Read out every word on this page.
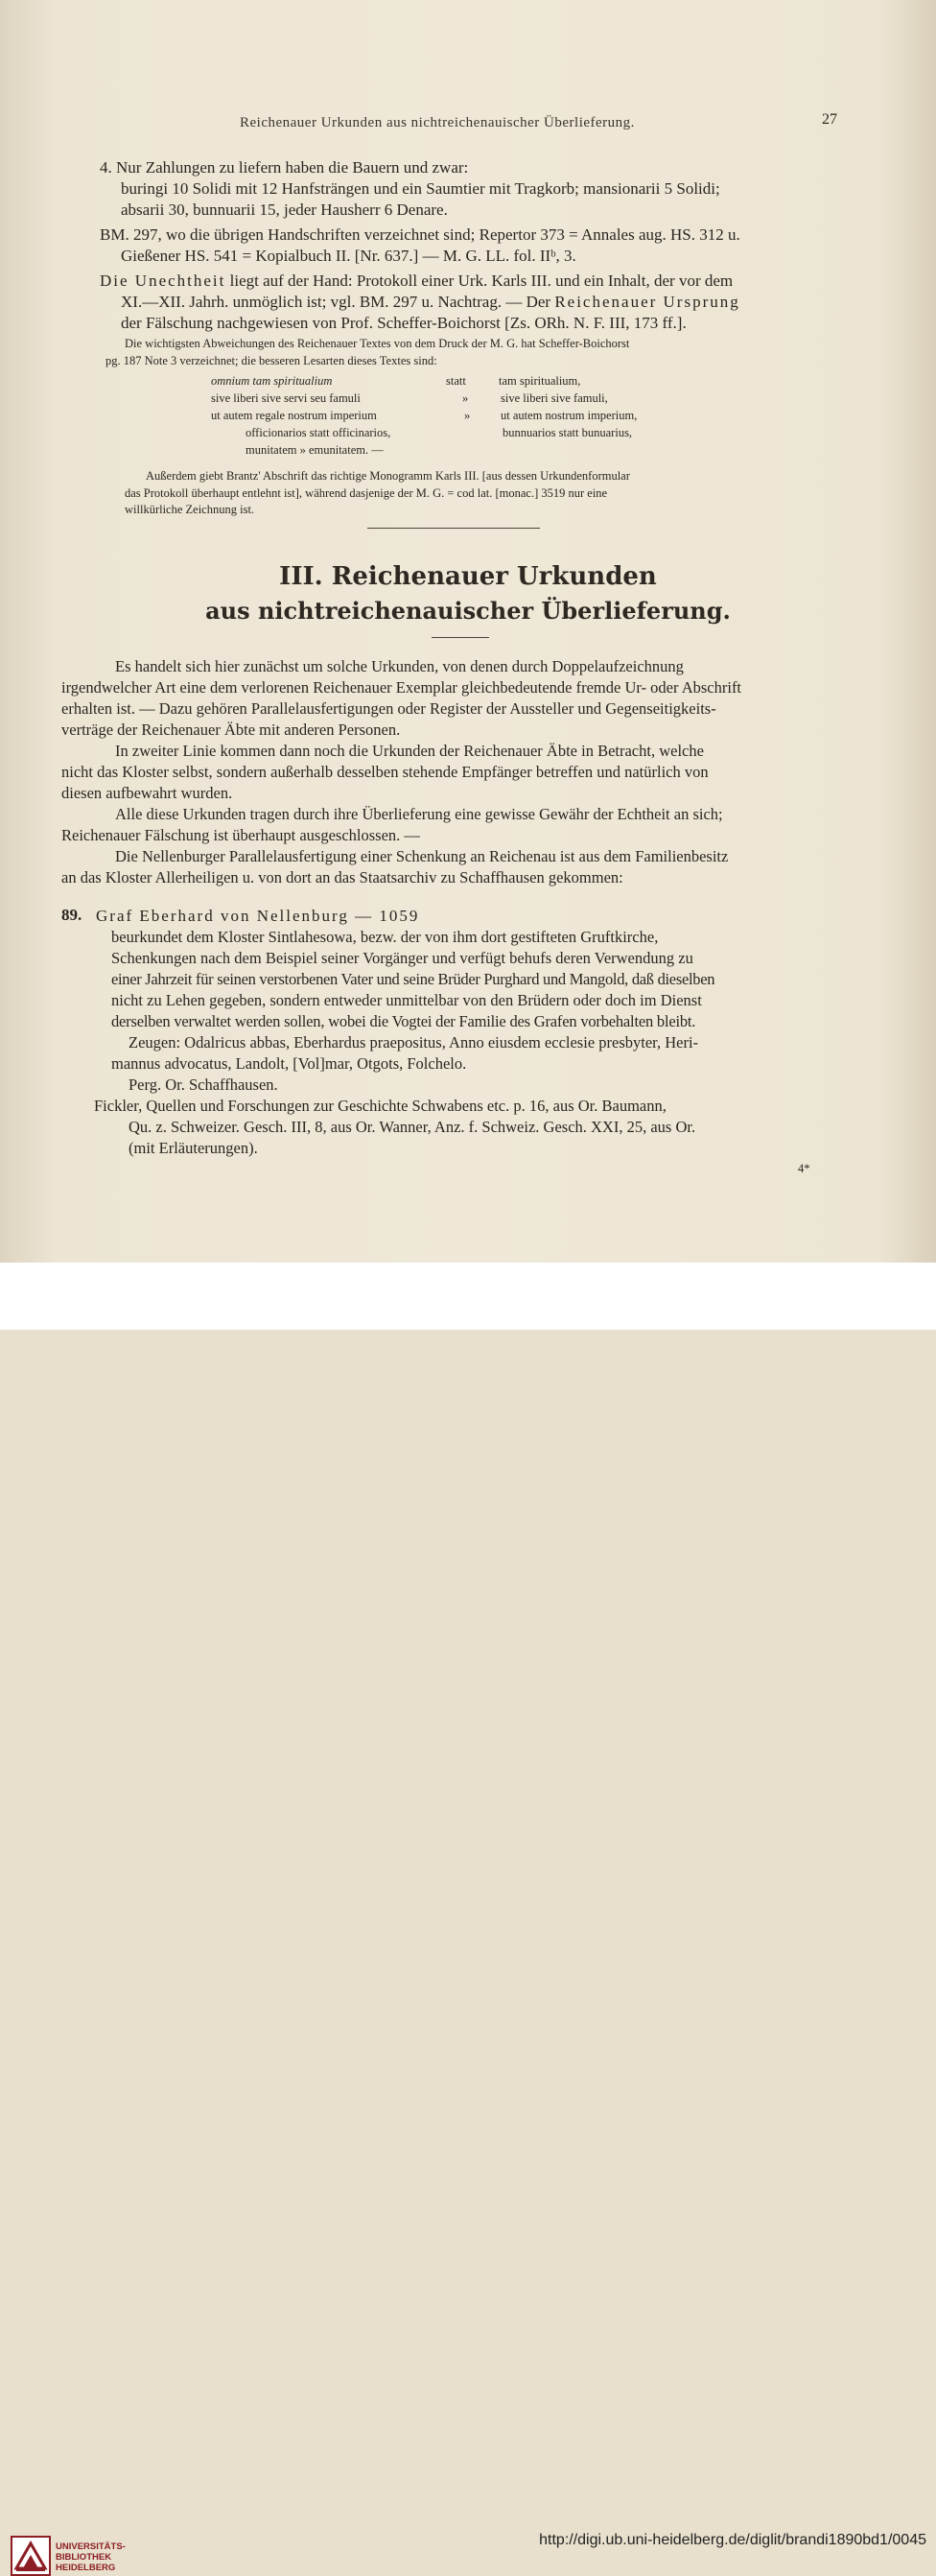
Reichenauer Urkunden aus nichtreichenauischer Überlieferung.	27
4. Nur Zahlungen zu liefern haben die Bauern und zwar:
buringi 10 Solidi mit 12 Hanfsträngen und ein Saumtier mit Tragkorb; mansionarii 5 Solidi;
absarii 30, bunnuarii 15, jeder Hausherr 6 Denare.
BM. 297, wo die übrigen Handschriften verzeichnet sind; Repertor 373 = Annales aug. HS. 312 u.
Gießener HS. 541 = Kopialbuch II. [Nr. 637.] — M. G. LL. fol. IIᵇ, 3.
Die Unechtheit liegt auf der Hand: Protokoll einer Urk. Karls III. und ein Inhalt, der vor dem
XI.—XII. Jahrh. unmöglich ist; vgl. BM. 297 u. Nachtrag. — Der Reichenauer Ursprung
der Fälschung nachgewiesen von Prof. Scheffer-Boichorst [Zs. ORh. N. F. III, 173 ff.].
Die wichtigsten Abweichungen des Reichenauer Textes von dem Druck der M. G. hat Scheffer-Boichorst
pg. 187 Note 3 verzeichnet; die besseren Lesarten dieses Textes sind:
omnium tam spiritualium	statt	tam spiritualium,
sive liberi sive servi seu famuli	»	sive liberi sive famuli,
ut autem regale nostrum imperium	»	ut autem nostrum imperium,
officionarios statt officinarios,	bunnuarios statt bunuarius,
munitatem » emunitatem. —
Außerdem giebt Brantz' Abschrift das richtige Monogramm Karls III. [aus dessen Urkundenformular
das Protokoll überhaupt entlehnt ist], während dasjenige der M. G. = cod lat. [monac.] 3519 nur eine
willkürliche Zeichnung ist.
III. Reichenauer Urkunden
aus nichtreichenauischer Überlieferung.
Es handelt sich hier zunächst um solche Urkunden, von denen durch Doppelaufzeichnung
irgendwelcher Art eine dem verlorenen Reichenauer Exemplar gleichbedeutende fremde Ur- oder Abschrift
erhalten ist. — Dazu gehören Parallelausfertigungen oder Register der Aussteller und Gegenseitigkeits-
verträge der Reichenauer Äbte mit anderen Personen.
In zweiter Linie kommen dann noch die Urkunden der Reichenauer Äbte in Betracht, welche
nicht das Kloster selbst, sondern außerhalb desselben stehende Empfänger betreffen und natürlich von
diesen aufbewahrt wurden.
Alle diese Urkunden tragen durch ihre Überlieferung eine gewisse Gewähr der Echtheit an sich;
Reichenauer Fälschung ist überhaupt ausgeschlossen. —
Die Nellenburger Parallelausfertigung einer Schenkung an Reichenau ist aus dem Familienbesitz
an das Kloster Allerheiligen u. von dort an das Staatsarchiv zu Schaffhausen gekommen:
89. Graf Eberhard von Nellenburg — 1059
beurkundet dem Kloster Sintlahesowa, bezw. der von ihm dort gestifteten Gruftkirche,
Schenkungen nach dem Beispiel seiner Vorgänger und verfügt behufs deren Verwendung zu
einer Jahrzeit für seinen verstorbenen Vater und seine Brüder Purghard und Mangold, daß dieselben
nicht zu Lehen gegeben, sondern entweder unmittelbar von den Brüdern oder doch im Dienst
derselben verwaltet werden sollen, wobei die Vogtei der Familie des Grafen vorbehalten bleibt.
Zeugen: Odalricus abbas, Eberhardus praepositus, Anno eiusdem ecclesie presbyter, Heri-
mannus advocatus, Landolt, [Vol]mar, Otgots, Folchelo.
Perg. Or. Schaffhausen.
Fickler, Quellen und Forschungen zur Geschichte Schwabens etc. p. 16, aus Or. Baumann,
Qu. z. Schweizer. Gesch. III, 8, aus Or. Wanner, Anz. f. Schweiz. Gesch. XXI, 25, aus Or.
(mit Erläuterungen).
4*
UNIVERSITÄTS-
BIBLIOTHEK
HEIDELBERG
http://digi.ub.uni-heidelberg.de/diglit/brandi1890bd1/0045
